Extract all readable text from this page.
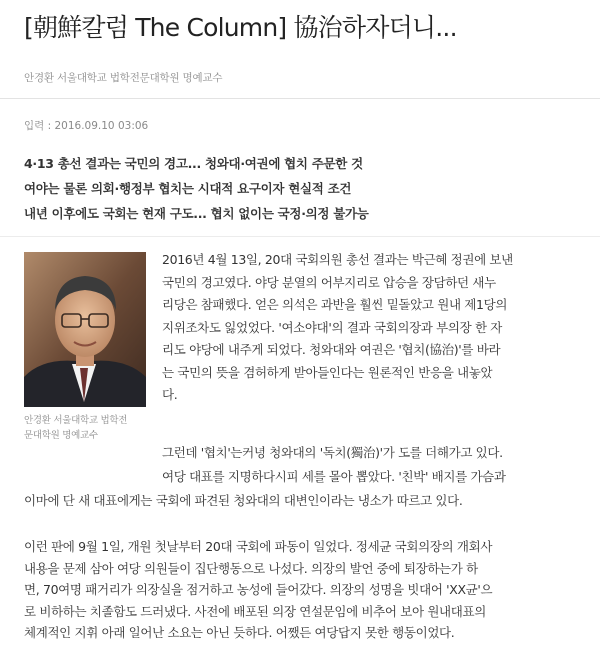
[朝鮮칼럼 The Column] 協治하자더니...
안경환 서울대학교 법학전문대학원 명예교수
입력 : 2016.09.10 03:06
4·13 총선 결과는 국민의 경고... 청와대·여권에 협치 주문한 것
여야는 물론 의회·행정부 협치는 시대적 요구이자 현실적 조건
내년 이후에도 국회는 현재 구도... 협치 없이는 국정·의정 불가능
안경환 서울대학교 법학전
문대학원 명예교수

2016년 4월 13일, 20대 국회의원 총선 결과는 박근혜 정권에 보낸
국민의 경고였다. 야당 분열의 어부지리로 압승을 장담하던 새누
리당은 참패했다. 얻은 의석은 과반을 훨씬 밑돌았고 원내 제1당의
지위조차도 잃었었다. '여소야대'의 결과 국회의장과 부의장 한 자
리도 야당에 내주게 되었다. 청와대와 여권은 '협치(協治)'를 바라
는 국민의 뜻을 겸허하게 받아들인다는 원론적인 반응을 내놓았
다.

그런데 '협치'는커녕 청와대의 '독치(獨治)'가 도를 더해가고 있다.
여당 대표를 지명하다시피 세를 몰아 뽑았다. '친박' 배지를 가슴과
이마에 단 새 대표에게는 국회에 파견된 청와대의 대변인이라는 냉소가 따르고 있다.

이런 판에 9월 1일, 개원 첫날부터 20대 국회에 파동이 일었다. 정세균 국회의장의 개회사
내용을 문제 삼아 여당 의원들이 집단행동으로 나섰다. 의장의 발언 중에 퇴장하는가 하
면, 70여명 패거리가 의장실을 점거하고 농성에 들어갔다. 의장의 성명을 빗대어 'XX균'으
로 비하하는 치졸함도 드러냈다. 사전에 배포된 의장 연설문임에 비추어 보아 원내대표의
체계적인 지휘 아래 일어난 소요는 아닌 듯하다. 어쨌든 여당답지 못한 행동이었다.
